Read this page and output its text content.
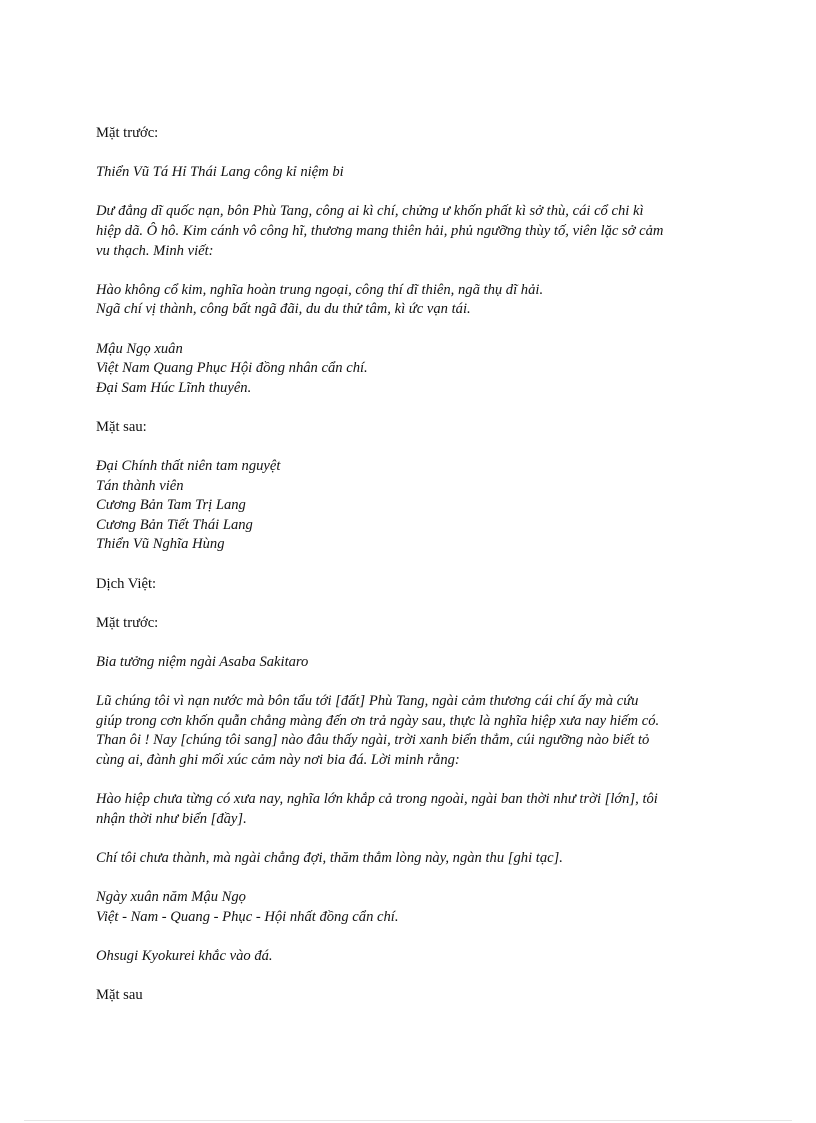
Mặt trước:

Thiển Vũ Tá Hỉ Thái Lang công kỉ niệm bi

Dư đẳng dĩ quốc nạn, bôn Phù Tang, công ai kì chí, chửng ư khốn phất kì sở thù, cái cổ chi kì
hiệp dã. Ô hô. Kim cánh vô công hĩ, thương mang thiên hải, phủ ngưỡng thùy tố, viên lặc sở cảm
vu thạch. Minh viết:

Hào không cổ kim, nghĩa hoàn trung ngoại, công thí dĩ thiên, ngã thụ dĩ hải.
Ngã chí vị thành, công bất ngã đãi, du du thử tâm, kì ức vạn tái.

Mậu Ngọ xuân
Việt Nam Quang Phục Hội đồng nhân cẩn chí.
Đại Sam Húc Lĩnh thuyên.

Mặt sau:

Đại Chính thất niên tam nguyệt
Tán thành viên
Cương Bản Tam Trị Lang
Cương Bản Tiết Thái Lang
Thiển Vũ Nghĩa Hùng

Dịch Việt:

Mặt trước:

Bia tưởng niệm ngài Asaba Sakitaro

Lũ chúng tôi vì nạn nước mà bôn tẩu tới [đất] Phù Tang, ngài cảm thương cái chí ấy mà cứu
giúp trong cơn khốn quẫn chẳng màng đến ơn trả ngày sau, thực là nghĩa hiệp xưa nay hiếm có.
Than ôi ! Nay [chúng tôi sang] nào đâu thấy ngài, trời xanh biển thẳm, cúi ngưỡng nào biết tỏ
cùng ai, đành ghi mối xúc cảm này nơi bia đá. Lời minh rằng:

Hào hiệp chưa từng có xưa nay, nghĩa lớn khắp cả trong ngoài, ngài ban thời như trời [lớn], tôi
nhận thời như biển [đầy].

Chí tôi chưa thành, mà ngài chẳng đợi, thăm thẳm lòng này, ngàn thu [ghi tạc].

Ngày xuân năm Mậu Ngọ
Việt - Nam - Quang - Phục - Hội nhất đồng cẩn chí.

Ohsugi Kyokurei khắc vào đá.

Mặt sau
